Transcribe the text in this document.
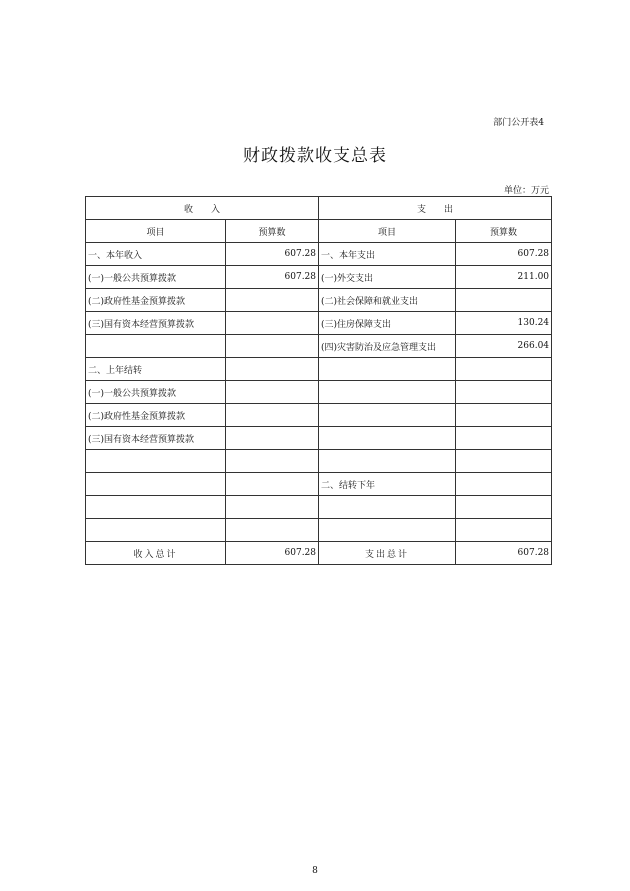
部门公开表4
财政拨款收支总表
单位：万元
收　　入		支　　出	
项目	预算数	项目	预算数
一、本年收入	607.28	一、本年支出	607.28
(一)一般公共预算拨款	607.28	(一)外交支出	211.00
(二)政府性基金预算拨款		(二)社会保障和就业支出	
(三)国有资本经营预算拨款		(三)住房保障支出	130.24
		(四)灾害防治及应急管理支出	266.04
二、上年结转			
(一)一般公共预算拨款			
(二)政府性基金预算拨款			
(三)国有资本经营预算拨款			

		二、结转下年	

收入总计	607.28	支出总计	607.28
8
